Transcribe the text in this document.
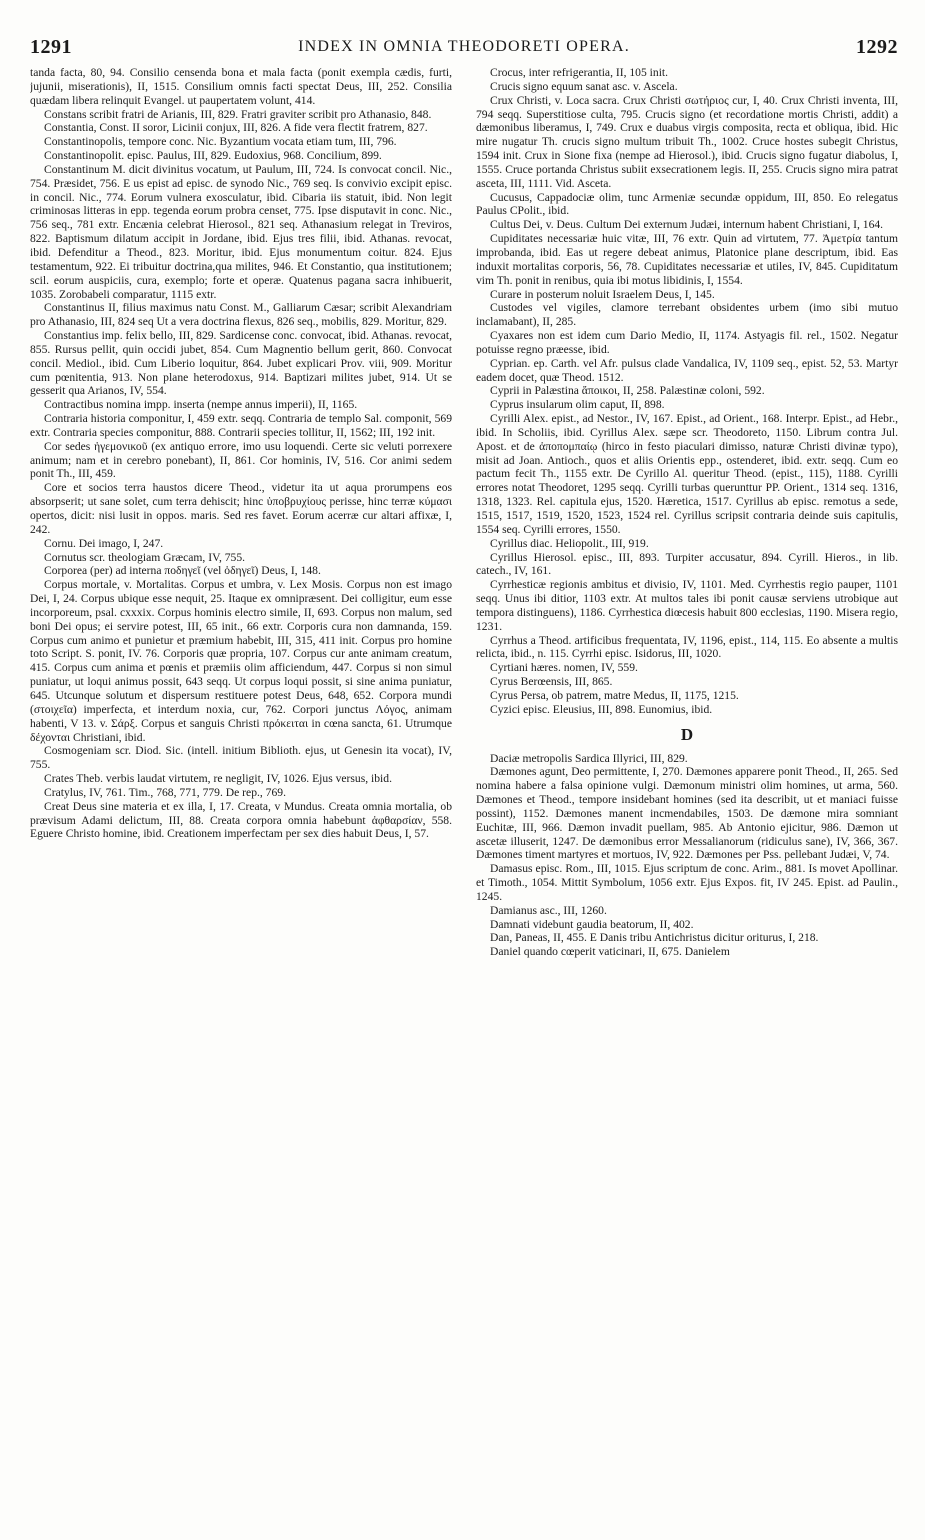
1291	INDEX IN OMNIA THEODORETI OPERA.	1292

tanda facta, 80, 94. Consilio censenda bona et mala facta (ponit exempla cædis, furti, jujunii, miserationis), II, 1515. Consilium omnis facti spectat Deus, III, 252. Consilia quædam libera relinquit Evangel. ut paupertatem volunt, 414.

Constans scribit fratri de Arianis, III, 829. Fratri graviter scribit pro Athanasio, 848.

Constantia, Const. II soror, Licinii conjux, III, 826. A fide vera flectit fratrem, 827.

Constantinopolis, tempore conc. Nic. Byzantium vocata etiam tum, III, 796.

Constantinopolit. episc. Paulus, III, 829. Eudoxius, 968. Concilium, 899.

Constantinum M. dicit divinitus vocatum, ut Paulum, III, 724. Is convocat concil. Nic., 754. Præsidet, 756. E us epist ad episc. de synodo Nic., 769 seq. Is convivio excipit episc. in concil. Nic., 774. Eorum vulnera exosculatur, ibid. Cibaria iis statuit, ibid. Non legit criminosas litteras in epp. tegenda eorum probra censet, 775. Ipse disputavit in conc. Nic., 756 seq., 781 extr. Encænia celebrat Hierosol., 821 seq. Athanasium relegat in Treviros, 822. Baptismum dilatum accipit in Jordane, ibid. Ejus tres filii, ibid. Athanas. revocat, ibid. Defenditur a Theod., 823. Moritur, ibid. Ejus monumentum coitur. 824. Ejus testamentum, 922. Ei tribuitur doctrina,qua milites, 946. Et Constantio, qua institutionem; scil. eorum auspiciis, cura, exemplo; forte et operæ. Quatenus pagana sacra inhibuerit, 1035. Zorobabeli comparatur, 1115 extr.

Constantinus II, filius maximus natu Const. M., Galliarum Cæsar; scribit Alexandriam pro Athanasio, III, 824 seq Ut a vera doctrina flexus, 826 seq., mobilis, 829. Moritur, 829.

Constantius imp. felix bello, III, 829. Sardicense conc. convocat, ibid. Athanas. revocat, 855. Rursus pellit, quin occidi jubet, 854. Cum Magnentio bellum gerit, 860. Convocat concil. Mediol., ibid. Cum Liberio loquitur, 864. Jubet explicari Prov. viii, 909. Moritur cum pœnitentia, 913. Non plane heterodoxus, 914. Baptizari milites jubet, 914. Ut se gesserit qua Arianos, IV, 554.

Contractibus nomina impp. inserta (nempe annus imperii), II, 1165.

Contraria historia componitur, I, 459 extr. seqq. Contraria de templo Sal. componit, 569 extr. Contraria species componitur, 888. Contrarii species tollitur, II, 1562; III, 192 init.

Cor sedes ἡγεμονικοῦ (ex antiquo errore, imo usu loquendi. Certe sic veluti porrexere animum; nam et in cerebro ponebant), II, 861. Cor hominis, IV, 516. Cor animi sedem ponit Th., III, 459.

Core et socios terra haustos dicere Theod., videtur ita ut aqua prorumpens eos absorpserit; ut sane solet, cum terra dehiscit; hinc ὑποβρυχίους perisse, hinc terræ κύμασι opertos, dicit: nisi lusit in oppos. maris. Sed res favet. Eorum acerræ cur altari affixæ, I, 242.

Cornu. Dei imago, I, 247.

Cornutus scr. theologiam Græcam, IV, 755.

Corporea (per) ad interna ποδηγεῖ (vel ὁδηγεῖ) Deus, I, 148.

Corpus mortale, v. Mortalitas. Corpus et umbra, v. Lex Mosis. Corpus non est imago Dei, I, 24. Corpus ubique esse nequit, 25. Itaque ex omnipræsent. Dei colligitur, eum esse incorporeum, psal. cxxxix. Corpus hominis electro simile, II, 693. Corpus non malum, sed boni Dei opus; ei servire potest, III, 65 init., 66 extr. Corporis cura non damnanda, 159. Corpus cum animo et punietur et præmium habebit, III, 315, 411 init. Corpus pro homine toto Script. S. ponit, IV. 76. Corporis quæ propria, 107. Corpus cur ante animam creatum, 415. Corpus cum anima et pœnis et præmiis olim afficiendum, 447. Corpus si non simul puniatur, ut loqui animus possit, 643 seqq. Ut corpus loqui possit, si sine anima puniatur, 645. Utcunque solutum et dispersum restituere potest Deus, 648, 652. Corpora mundi (στοιχεῖα) imperfecta, et interdum noxia, cur, 762. Corpori junctus Λόγος, animam habenti, V 13. v. Σάρξ. Corpus et sanguis Christi πρόκειται in cœna sancta, 61. Utrumque δέχονται Christiani, ibid.

Cosmogeniam scr. Diod. Sic. (intell. initium Biblioth. ejus, ut Genesin ita vocat), IV, 755.

Crates Theb. verbis laudat virtutem, re negligit, IV, 1026. Ejus versus, ibid.

Cratylus, IV, 761. Tim., 768, 771, 779. De rep., 769.

Creat Deus sine materia et ex illa, I, 17. Creata, v Mundus. Creata omnia mortalia, ob prævisum Adami delictum, III, 88. Creata corpora omnia habebunt ἀφθαρσίαν, 558. Eguere Christo homine, ibid. Creationem imperfectam per sex dies habuit Deus, I, 57.

Crocus, inter refrigerantia, II, 105 init.

Crucis signo equum sanat asc. v. Ascela.

Crux Christi, v. Loca sacra. Crux Christi σωτήριος cur, I, 40. Crux Christi inventa, III, 794 seqq. Superstitiose culta, 795. Crucis signo (et recordatione mortis Christi, addit) a dæmonibus liberamus, I, 749. Crux e duabus virgis composita, recta et obliqua, ibid. Hic mire nugatur Th. crucis signo multum tribuit Th., 1002. Cruce hostes subegit Christus, 1594 init. Crux in Sione fixa (nempe ad Hierosol.), ibid. Crucis signo fugatur diabolus, I, 1555. Cruce portanda Christus subiit exsecrationem legis. II, 255. Crucis signo mira patrat asceta, III, 1111. Vid. Asceta.

Cucusus, Cappadociæ olim, tunc Armeniæ secundæ oppidum, III, 850. Eo relegatus Paulus CPolit., ibid.

Cultus Dei, v. Deus. Cultum Dei externum Judæi, internum habent Christiani, I, 164.

Cupiditates necessariæ huic vitæ, III, 76 extr. Quin ad virtutem, 77. Ἀμετρία tantum improbanda, ibid. Eas ut regere debeat animus, Platonice plane descriptum, ibid. Eas induxit mortalitas corporis, 56, 78. Cupiditates necessariæ et utiles, IV, 845. Cupiditatum vim Th. ponit in renibus, quia ibi motus libidinis, I, 1554.

Curare in posterum noluit Israelem Deus, I, 145.

Custodes vel vigiles, clamore terrebant obsidentes urbem (imo sibi mutuo inclamabant), II, 285.

Cyaxares non est idem cum Dario Medio, II, 1174. Astyagis fil. rel., 1502. Negatur potuisse regno præesse, ibid.

Cyprian. ep. Carth. vel Afr. pulsus clade Vandalica, IV, 1109 seq., epist. 52, 53. Martyr eadem docet, quæ Theod. 1512.

Cyprii in Palæstina ἄποικοι, II, 258. Palæstinæ coloni, 592.

Cyprus insularum olim caput, II, 898.

Cyrilli Alex. epist., ad Nestor., IV, 167. Epist., ad Orient., 168. Interpr. Epist., ad Hebr., ibid. In Scholiis, ibid. Cyrillus Alex. sæpe scr. Theodoreto, 1150. Librum contra Jul. Apost. et de ἀποπομπαίῳ (hirco in festo piaculari dimisso, naturæ Christi divinæ typo), misit ad Joan. Antioch., quos et aliis Orientis epp., ostenderet, ibid. extr. seqq. Cum eo pactum fecit Th., 1155 extr. De Cyrillo Al. queritur Theod. (epist., 115), 1188. Cyrilli errores notat Theodoret, 1295 seqq. Cyrilli turbas querunttur PP. Orient., 1314 seq. 1316, 1318, 1323. Rel. capitula ejus, 1520. Hæretica, 1517. Cyrillus ab episc. remotus a sede, 1515, 1517, 1519, 1520, 1523, 1524 rel. Cyrillus scripsit contraria deinde suis capitulis, 1554 seq. Cyrilli errores, 1550.

Cyrillus diac. Heliopolit., III, 919.

Cyrillus Hierosol. episc., III, 893. Turpiter accusatur, 894. Cyrill. Hieros., in lib. catech., IV, 161.

Cyrrhesticæ regionis ambitus et divisio, IV, 1101. Med. Cyrrhestis regio pauper, 1101 seqq. Unus ibi ditior, 1103 extr. At multos tales ibi ponit causæ serviens utrobique aut tempora distinguens), 1186. Cyrrhestica diœcesis habuit 800 ecclesias, 1190. Misera regio, 1231.

Cyrrhus a Theod. artificibus frequentata, IV, 1196, epist., 114, 115. Eo absente a multis relicta, ibid., n. 115. Cyrrhi episc. Isidorus, III, 1020.

Cyrtiani hæres. nomen, IV, 559.

Cyrus Berœensis, III, 865.

Cyrus Persa, ob patrem, matre Medus, II, 1175, 1215.

Cyzici episc. Eleusius, III, 898. Eunomius, ibid.

D

Daciæ metropolis Sardica Illyrici, III, 829.

Dæmones agunt, Deo permittente, I, 270. Dæmones apparere ponit Theod., II, 265. Sed nomina habere a falsa opinione vulgi. Dæmonum ministri olim homines, ut arma, 560. Dæmones et Theod., tempore insidebant homines (sed ita describit, ut et maniaci fuisse possint), 1152. Dæmones manent incmendabiles, 1503. De dæmone mira somniant Euchitæ, III, 966. Dæmon invadit puellam, 985. Ab Antonio ejicitur, 986. Dæmon ut ascetæ illuserit, 1247. De dæmonibus error Messalianorum (ridiculus sane), IV, 366, 367. Dæmones timent martyres et mortuos, IV, 922. Dæmones per Pss. pellebant Judæi, V, 74.

Damasus episc. Rom., III, 1015. Ejus scriptum de conc. Arim., 881. Is movet Apollinar. et Timoth., 1054. Mittit Symbolum, 1056 extr. Ejus Expos. fit, IV 245. Epist. ad Paulin., 1245.

Damianus asc., III, 1260.

Damnati videbunt gaudia beatorum, II, 402.

Dan, Paneas, II, 455. E Danis tribu Antichristus dicitur oriturus, I, 218.

Daniel quando cœperit vaticinari, II, 675. Danielem
